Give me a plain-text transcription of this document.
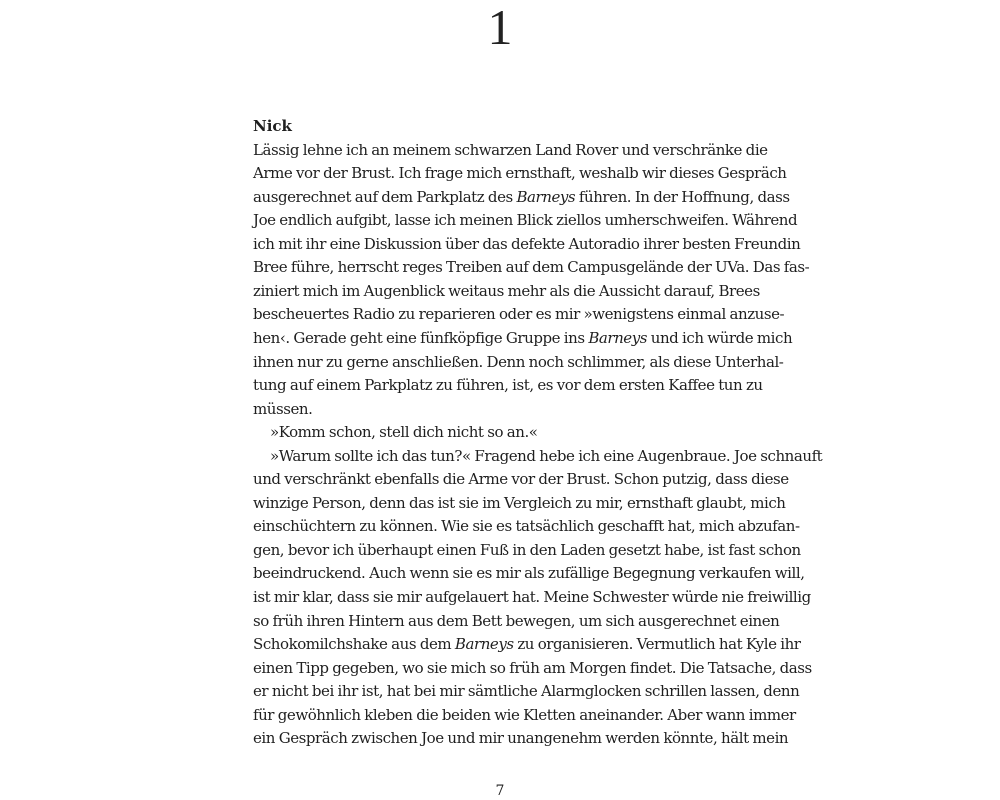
1
Nick

Lässig lehne ich an meinem schwarzen Land Rover und verschränke die
Arme vor der Brust. Ich frage mich ernsthaft, weshalb wir dieses Gespräch
ausgerechnet auf dem Parkplatz des Barneys führen. In der Hoffnung, dass
Joe endlich aufgibt, lasse ich meinen Blick ziellos umherschweifen. Während
ich mit ihr eine Diskussion über das defekte Autoradio ihrer besten Freundin
Bree führe, herrscht reges Treiben auf dem Campusgelände der UVa. Das fas-
ziniert mich im Augenblick weitaus mehr als die Aussicht darauf, Brees
bescheuertes Radio zu reparieren oder es mir »wenigstens einmal anzuse-
hen‹. Gerade geht eine fünfköpfige Gruppe ins Barneys und ich würde mich
ihnen nur zu gerne anschließen. Denn noch schlimmer, als diese Unterhal-
tung auf einem Parkplatz zu führen, ist, es vor dem ersten Kaffee tun zu
müssen.

»Komm schon, stell dich nicht so an.«

»Warum sollte ich das tun?« Fragend hebe ich eine Augenbraue. Joe schnauft
und verschränkt ebenfalls die Arme vor der Brust. Schon putzig, dass diese
winzige Person, denn das ist sie im Vergleich zu mir, ernsthaft glaubt, mich
einschüchtern zu können. Wie sie es tatsächlich geschafft hat, mich abzufan-
gen, bevor ich überhaupt einen Fuß in den Laden gesetzt habe, ist fast schon
beeindruckend. Auch wenn sie es mir als zufällige Begegnung verkaufen will,
ist mir klar, dass sie mir aufgelauert hat. Meine Schwester würde nie freiwillig
so früh ihren Hintern aus dem Bett bewegen, um sich ausgerechnet einen
Schokomilchshake aus dem Barneys zu organisieren. Vermutlich hat Kyle ihr
einen Tipp gegeben, wo sie mich so früh am Morgen findet. Die Tatsache, dass
er nicht bei ihr ist, hat bei mir sämtliche Alarmglocken schrillen lassen, denn
für gewöhnlich kleben die beiden wie Kletten aneinander. Aber wann immer
ein Gespräch zwischen Joe und mir unangenehm werden könnte, hält mein

7
